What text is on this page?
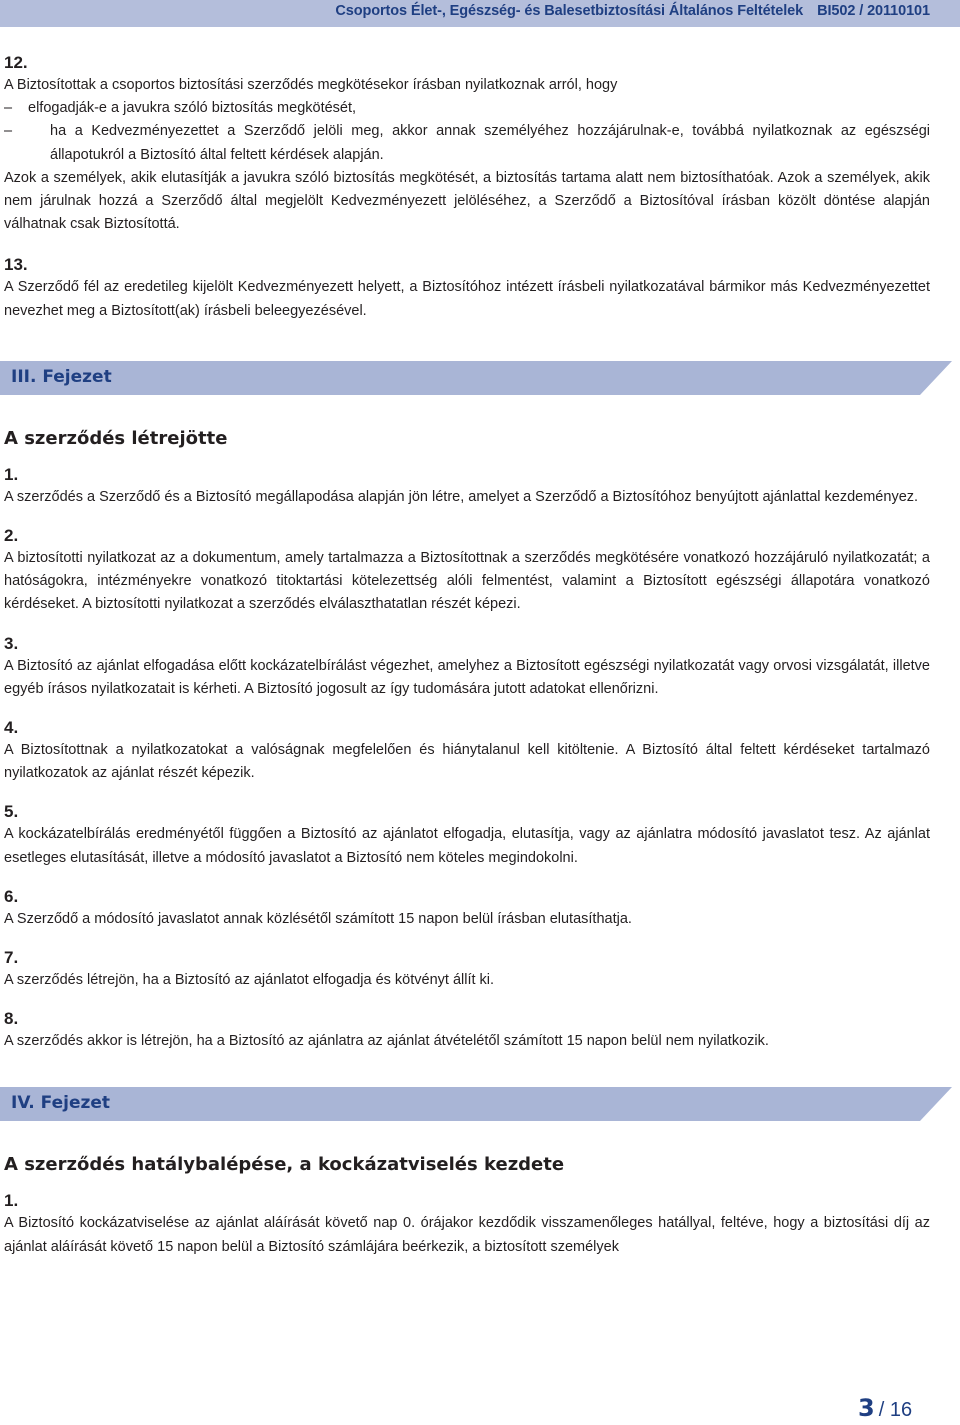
Csoportos Élet-, Egészség- és Balesetbiztosítási Általános Feltételek BI502 / 20110101

12.

A Biztosítottak a csoportos biztosítási szerződés megkötésekor írásban nyilatkoznak arról, hogy

– elfogadják-e a javukra szóló biztosítás megkötését,
–	ha a Kedvezményezettet a Szerződő jelöli meg, akkor annak személyéhez hozzájárulnak-e, továbbá nyilatkoznak az egészségi állapotukról a Biztosító által feltett kérdések alapján.

Azok a személyek, akik elutasítják a javukra szóló biztosítás megkötését, a biztosítás tartama alatt nem biztosíthatóak. Azok a személyek, akik nem járulnak hozzá a Szerződő által megjelölt Kedvezményezett jelöléséhez, a Szerződő a Biztosítóval írásban közölt döntése alapján válhatnak csak Biztosítottá.

13.

A Szerződő fél az eredetileg kijelölt Kedvezményezett helyett, a Biztosítóhoz intézett írásbeli nyilatkozatával bármikor más Kedvezményezettet nevezhet meg a Biztosított(ak) írásbeli beleegyezésével.

III. Fejezet
A szerződés létrejötte

1.

A szerződés a Szerződő és a Biztosító megállapodása alapján jön létre, amelyet a Szerződő a Biztosítóhoz benyújtott ajánlattal kezdeményez.

2.

A biztosítotti nyilatkozat az a dokumentum, amely tartalmazza a Biztosítottnak a szerződés megkötésére vonatkozó hozzájáruló nyilatkozatát; a hatóságokra, intézményekre vonatkozó titoktartási kötelezettség alóli felmentést, valamint a Biztosított egészségi állapotára vonatkozó kérdéseket. A biztosítotti nyilatkozat a szerződés elválaszthatatlan részét képezi.

3.

A Biztosító az ajánlat elfogadása előtt kockázatelbírálást végezhet, amelyhez a Biztosított egészségi nyilatkozatát vagy orvosi vizsgálatát, illetve egyéb írásos nyilatkozatait is kérheti. A Biztosító jogosult az így tudomására jutott adatokat ellenőrizni.

4.

A Biztosítottnak a nyilatkozatokat a valóságnak megfelelően és hiánytalanul kell kitöltenie. A Biztosító által feltett kérdéseket tartalmazó nyilatkozatok az ajánlat részét képezik.

5.

A kockázatelbírálás eredményétől függően a Biztosító az ajánlatot elfogadja, elutasítja, vagy az ajánlatra módosító javaslatot tesz. Az ajánlat esetleges elutasítását, illetve a módosító javaslatot a Biztosító nem köteles megindokolni.

6.

A Szerződő a módosító javaslatot annak közlésétől számított 15 napon belül írásban elutasíthatja.

7.

A szerződés létrejön, ha a Biztosító az ajánlatot elfogadja és kötvényt állít ki.

8.

A szerződés akkor is létrejön, ha a Biztosító az ajánlatra az ajánlat átvételétől számított 15 napon belül nem nyilatkozik.

IV. Fejezet
A szerződés hatálybalépése, a kockázatviselés kezdete

1.

A Biztosító kockázatviselése az ajánlat aláírását követő nap 0. órájakor kezdődik visszamenőleges hatállyal, feltéve, hogy a biztosítási díj az ajánlat aláírását követő 15 napon belül a Biztosító számlájára beérkezik, a biztosított személyek

3 / 16
